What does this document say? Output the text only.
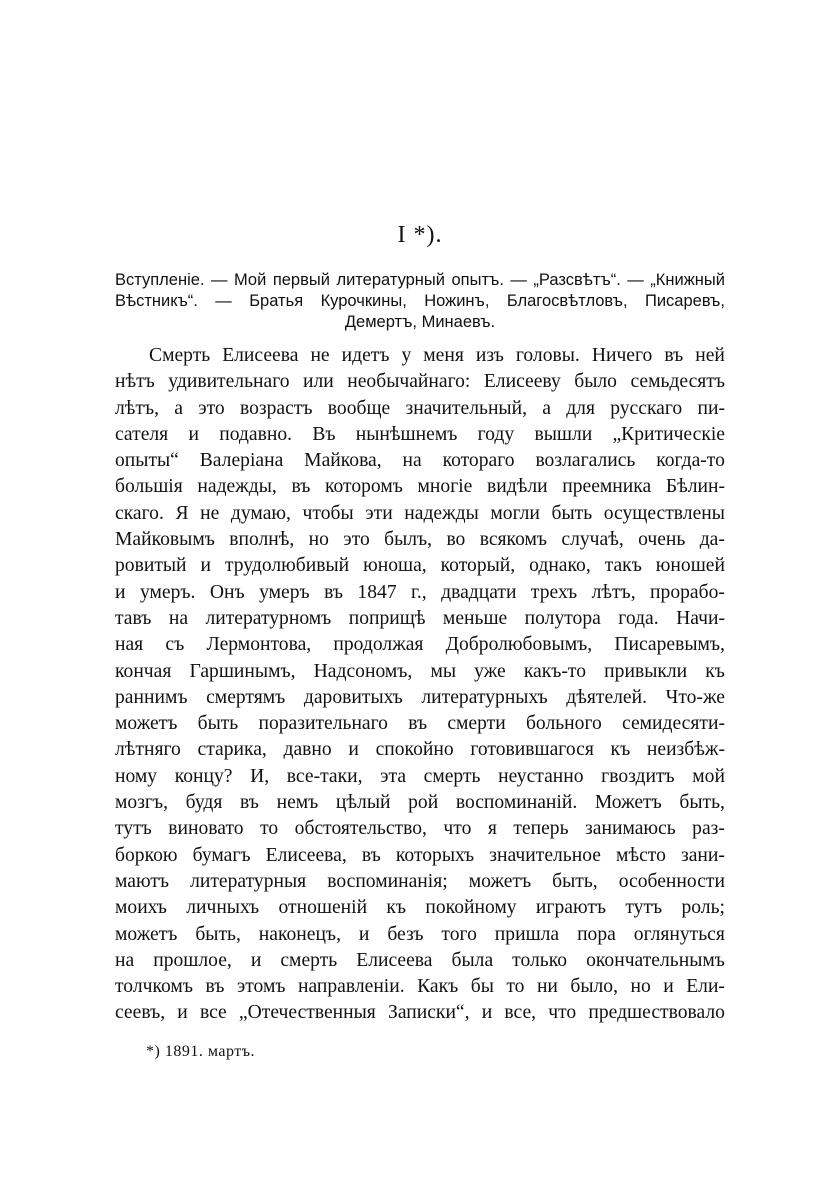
I *).
Вступленіе. — Мой первый литературный опытъ. — „Разсвѣтъ“. — „Книжный
Вѣстникъ“. — Братья Курочкины, Ножинъ, Благосвѣтловъ, Писаревъ,
Демертъ, Минаевъ.
Смерть Елисеева не идетъ у меня изъ головы. Ничего въ ней
нѣтъ удивительнаго или необычайнаго: Елисееву было семьдесятъ
лѣтъ, а это возрастъ вообще значительный, а для русскаго пи-
сателя и подавно. Въ нынѣшнемъ году вышли „Критическіе
опыты“ Валеріана Майкова, на котораго возлагались когда-то
большія надежды, въ которомъ многіе видѣли преемника Бѣлин-
скаго. Я не думаю, чтобы эти надежды могли быть осуществлены
Майковымъ вполнѣ, но это былъ, во всякомъ случаѣ, очень да-
ровитый и трудолюбивый юноша, который, однако, такъ юношей
и умеръ. Онъ умеръ въ 1847 г., двадцати трехъ лѣтъ, прорабо-
тавъ на литературномъ поприщѣ меньше полутора года. Начи-
ная съ Лермонтова, продолжая Добролюбовымъ, Писаревымъ,
кончая Гаршинымъ, Надсономъ, мы уже какъ-то привыкли къ
раннимъ смертямъ даровитыхъ литературныхъ дѣятелей. Что-же
можетъ быть поразительнаго въ смерти больного семидесяти-
лѣтняго старика, давно и спокойно готовившагося къ неизбѣж-
ному концу? И, все-таки, эта смерть неустанно гвоздитъ мой
мозгъ, будя въ немъ цѣлый рой воспоминаній. Можетъ быть,
тутъ виновато то обстоятельство, что я теперь занимаюсь раз-
боркою бумагъ Елисеева, въ которыхъ значительное мѣсто зани-
маютъ литературныя воспоминанія; можетъ быть, особенности
моихъ личныхъ отношеній къ покойному играютъ тутъ роль;
можетъ быть, наконецъ, и безъ того пришла пора оглянуться
на прошлое, и смерть Елисеева была только окончательнымъ
толчкомъ въ этомъ направленіи. Какъ бы то ни было, но и Ели-
сеевъ, и все „Отечественныя Записки“, и все, что предшествовало
*) 1891. мартъ.
